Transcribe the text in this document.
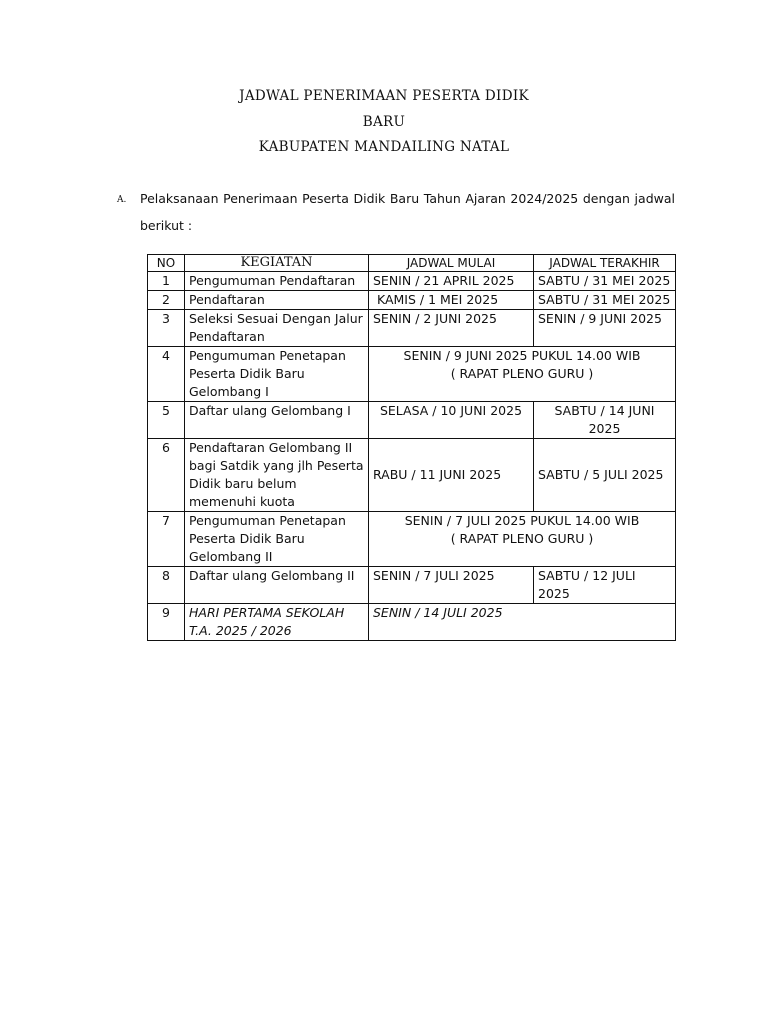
JADWAL PENERIMAAN PESERTA DIDIK
BARU
KABUPATEN MANDAILING NATAL
A. Pelaksanaan Penerimaan Peserta Didik Baru Tahun Ajaran 2024/2025 dengan jadwal
berikut :
NO	KEGIATAN	JADWAL MULAI	JADWAL TERAKHIR
1	Pengumuman Pendaftaran	SENIN / 21 APRIL 2025	SABTU / 31 MEI 2025
2	Pendaftaran	KAMIS / 1 MEI 2025	SABTU / 31 MEI 2025
3	Seleksi Sesuai Dengan Jalur Pendaftaran	SENIN / 2 JUNI 2025	SENIN / 9 JUNI 2025
4	Pengumuman Penetapan Peserta Didik Baru Gelombang I	SENIN / 9 JUNI 2025 PUKUL 14.00 WIB
( RAPAT PLENO GURU )	

5	Daftar ulang Gelombang I	SELASA / 10 JUNI 2025	SABTU / 14 JUNI 2025
6	Pendaftaran Gelombang II bagi Satdik yang jlh Peserta Didik baru belum memenuhi kuota	RABU / 11 JUNI 2025	SABTU / 5 JULI 2025
7	Pengumuman Penetapan Peserta Didik Baru Gelombang II	SENIN / 7 JULI 2025 PUKUL 14.00 WIB
( RAPAT PLENO GURU )	

8	Daftar ulang Gelombang II	SENIN / 7 JULI 2025	SABTU / 12 JULI 2025
9	HARI PERTAMA SEKOLAH T.A. 2025 / 2026	SENIN / 14 JULI 2025	
